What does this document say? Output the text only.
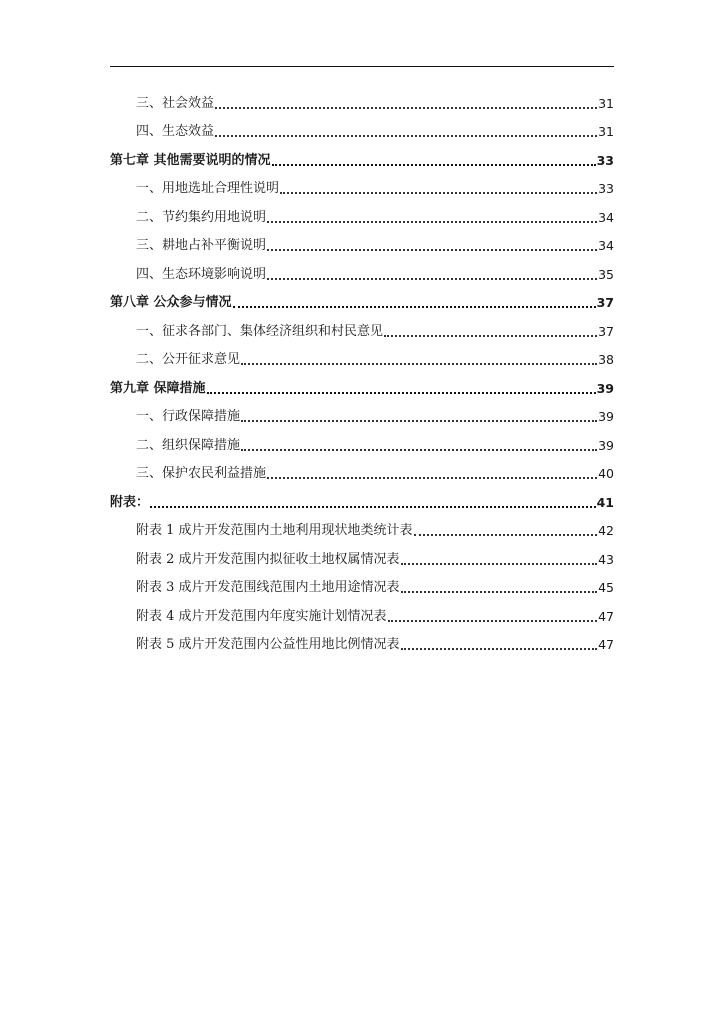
三、社会效益	31
四、生态效益	31
第七章 其他需要说明的情况	33
一、用地选址合理性说明	33
二、节约集约用地说明	34
三、耕地占补平衡说明	34
四、生态环境影响说明	35
第八章 公众参与情况	37
一、征求各部门、集体经济组织和村民意见	37
二、公开征求意见	38
第九章 保障措施	39
一、行政保障措施	39
二、组织保障措施	39
三、保护农民利益措施	40
附表：	41
附表 1 成片开发范围内土地利用现状地类统计表	42
附表 2 成片开发范围内拟征收土地权属情况表	43
附表 3 成片开发范围线范围内土地用途情况表	45
附表 4 成片开发范围内年度实施计划情况表	47
附表 5 成片开发范围内公益性用地比例情况表	47
